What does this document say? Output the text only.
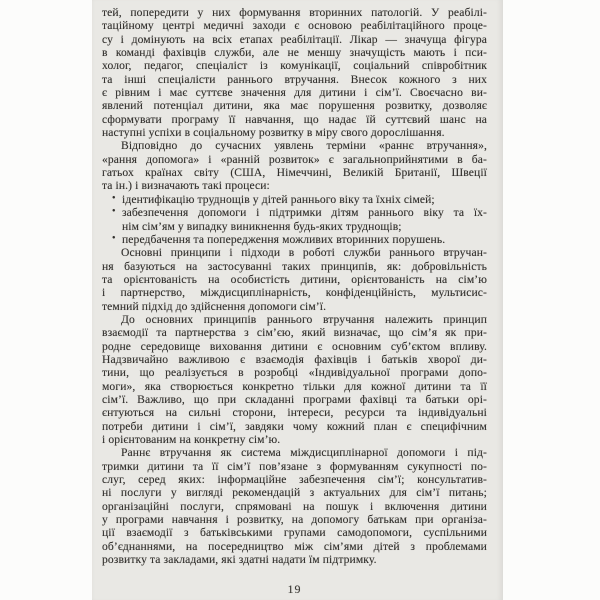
тей, попередити у них формування вторинних патологій. У реабілі-
таційному центрі медичні заходи є основою реабілітаційного проце-
су і домінують на всіх етапах реабілітації. Лікар — значуща фігура
в команді фахівців служби, але не меншу значущість мають і пси-
холог, педагог, спеціаліст із комунікації, соціальний співробітник
та інші спеціалісти раннього втручання. Внесок кожного з них
є рівним і має суттєве значення для дитини і сім’ї. Своєчасно ви-
явлений потенціал дитини, яка має порушення розвитку, дозволяє
сформувати програму її навчання, що надає їй суттєвий шанс на
наступні успіхи в соціальному розвитку в міру свого дорослішання.
Відповідно до сучасних уявлень терміни «раннє втручання»,
«рання допомога» і «ранній розвиток» є загальноприйнятими в ба-
гатьох країнах світу (США, Німеччині, Великій Британії, Швеції
та ін.) і визначають такі процеси:
• ідентифікацію труднощів у дітей раннього віку та їхніх сімей;
• забезпечення допомоги і підтримки дітям раннього віку та їх-
нім сім’ям у випадку виникнення будь-яких труднощів;
• передбачення та попередження можливих вторинних порушень.
Основні принципи і підходи в роботі служби раннього втручан-
ня базуються на застосуванні таких принципів, як: добровільність
та орієнтованість на особистість дитини, орієнтованість на сім’ю
і партнерство, міждисциплінарність, конфіденційність, мультисис-
темний підхід до здійснення допомоги сім’ї.
До основних принципів раннього втручання належить принцип
взаємодії та партнерства з сім’єю, який визначає, що сім’я як при-
родне середовище виховання дитини є основним суб’єктом впливу.
Надзвичайно важливою є взаємодія фахівців і батьків хворої ди-
тини, що реалізується в розробці «Індивідуальної програми допо-
моги», яка створюється конкретно тільки для кожної дитини та її
сім’ї. Важливо, що при складанні програми фахівці та батьки орі-
єнтуються на сильні сторони, інтереси, ресурси та індивідуальні
потреби дитини і сім’ї, завдяки чому кожний план є специфічним
і орієнтованим на конкретну сім’ю.
Раннє втручання як система міждисциплінарної допомоги і під-
тримки дитини та її сім’ї пов’язане з формуванням сукупності по-
слуг, серед яких: інформаційне забезпечення сім’ї; консультатив-
ні послуги у вигляді рекомендацій з актуальних для сім’ї питань;
організаційні послуги, спрямовані на пошук і включення дитини
у програми навчання і розвитку, на допомогу батькам при організа-
ції взаємодії з батьківськими групами самодопомоги, суспільними
об’єднаннями, на посередництво між сім’ями дітей з проблемами
розвитку та закладами, які здатні надати їм підтримку.
19
